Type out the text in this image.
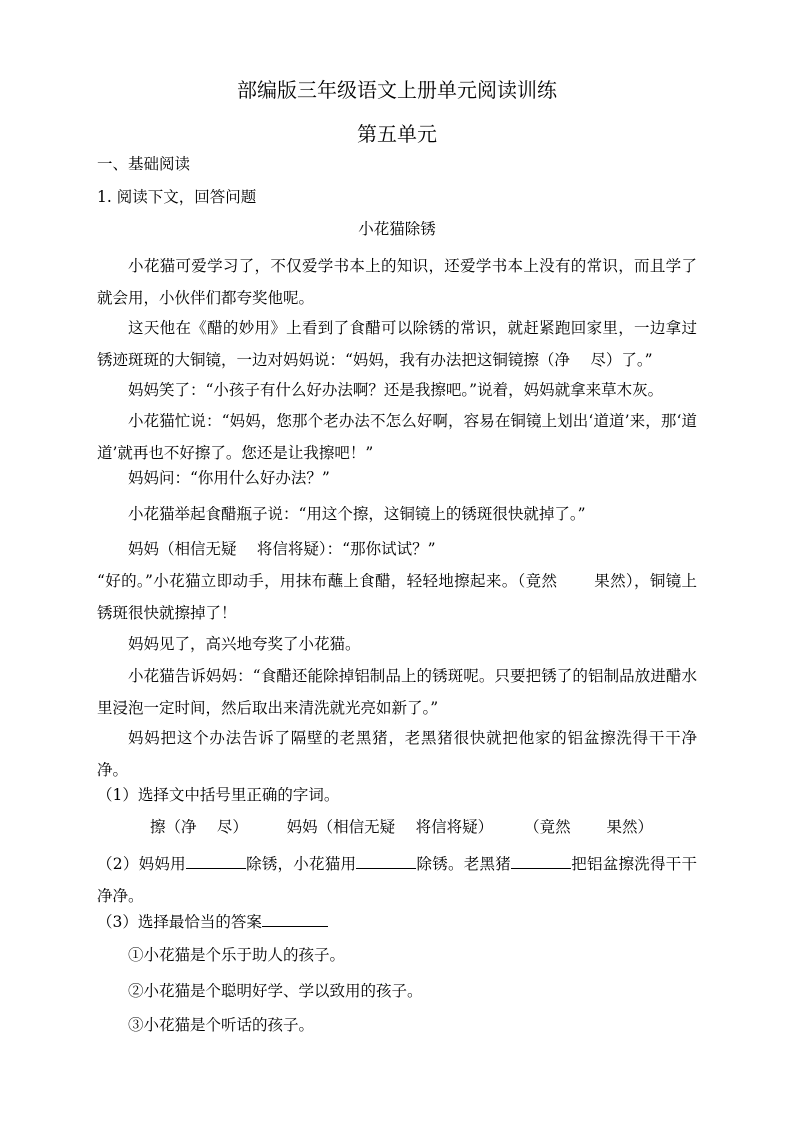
部编版三年级语文上册单元阅读训练
第五单元
一、基础阅读
1. 阅读下文，回答问题
小花猫除锈
小花猫可爱学习了，不仅爱学书本上的知识，还爱学书本上没有的常识，而且学了就会用，小伙伴们都夸奖他呢。
这天他在《醋的妙用》上看到了食醋可以除锈的常识，就赶紧跑回家里，一边拿过锈迹斑斑的大铜镜，一边对妈妈说：“妈妈，我有办法把这铜镜擦（净　 尽）了。”
妈妈笑了：“小孩子有什么好办法啊？还是我擦吧。”说着，妈妈就拿来草木灰。
小花猫忙说：“妈妈，您那个老办法不怎么好啊，容易在铜镜上划出‘道道’来，那‘道道’就再也不好擦了。您还是让我擦吧！”
妈妈问：“你用什么好办法？”
小花猫举起食醋瓶子说：“用这个擦，这铜镜上的锈斑很快就掉了。”
妈妈（相信无疑　 将信将疑）：“那你试试？”
“好的。”小花猫立即动手，用抹布蘸上食醋，轻轻地擦起来。（竟然　　 果然），铜镜上锈斑很快就擦掉了！
妈妈见了，高兴地夸奖了小花猫。
小花猫告诉妈妈：“食醋还能除掉铝制品上的锈斑呢。只要把锈了的铝制品放进醋水里浸泡一定时间，然后取出来清洗就光亮如新了。”
妈妈把这个办法告诉了隔壁的老黑猪，老黑猪很快就把他家的铝盆擦洗得干干净净。
（1）选择文中括号里正确的字词。
擦（净　 尽）　　　妈妈（相信无疑　 将信将疑）　　　（竟然　　 果然）
（2）妈妈用	除锈，小花猫用	除锈。老黑猪	把铝盆擦洗得干干净净。
（3）选择最恰当的答案
①小花猫是个乐于助人的孩子。
②小花猫是个聪明好学、学以致用的孩子。
③小花猫是个听话的孩子。
